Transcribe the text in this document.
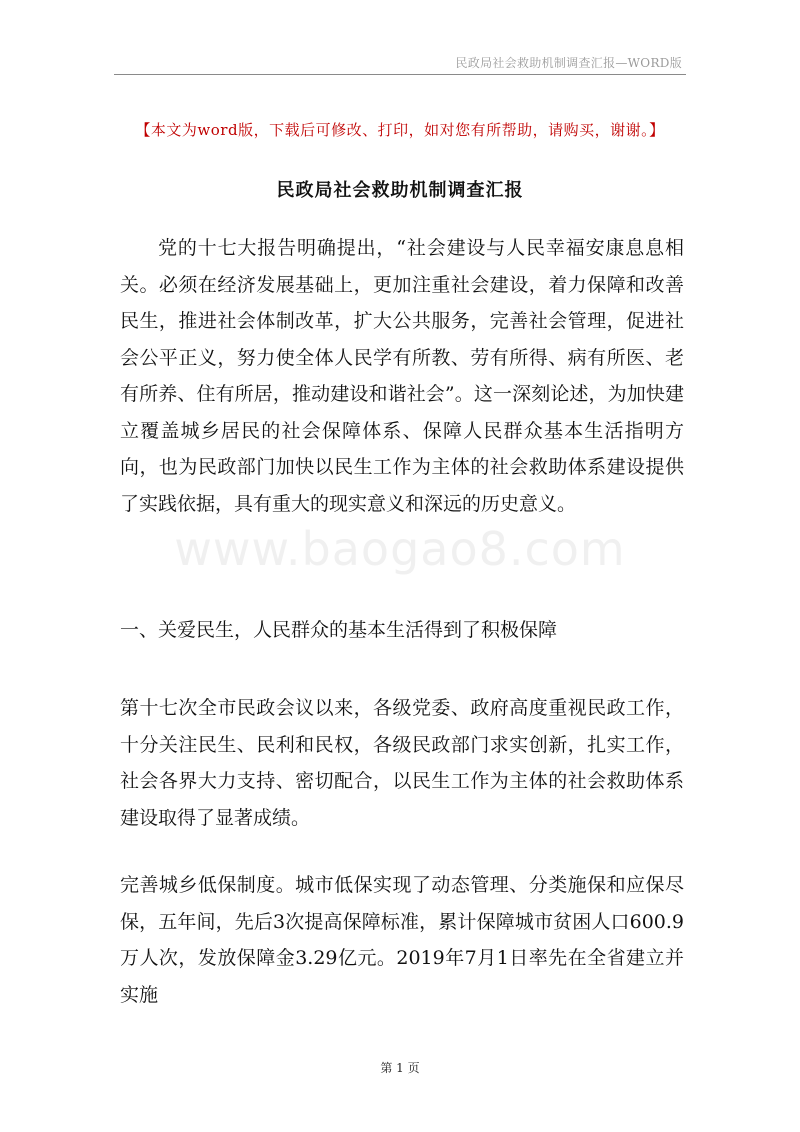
民政局社会救助机制调查汇报—WORD版
【本文为word版，下载后可修改、打印，如对您有所帮助，请购买，谢谢。】
民政局社会救助机制调查汇报

党的十七大报告明确提出，“社会建设与人民幸福安康息息相关。必须在经济发展基础上，更加注重社会建设，着力保障和改善民生，推进社会体制改革，扩大公共服务，完善社会管理，促进社会公平正义，努力使全体人民学有所教、劳有所得、病有所医、老有所养、住有所居，推动建设和谐社会”。这一深刻论述，为加快建立覆盖城乡居民的社会保障体系、保障人民群众基本生活指明方向，也为民政部门加快以民生工作为主体的社会救助体系建设提供了实践依据，具有重大的现实意义和深远的历史意义。

www.baogao8.com

一、关爱民生，人民群众的基本生活得到了积极保障

第十七次全市民政会议以来，各级党委、政府高度重视民政工作，十分关注民生、民利和民权，各级民政部门求实创新，扎实工作，社会各界大力支持、密切配合，以民生工作为主体的社会救助体系建设取得了显著成绩。

完善城乡低保制度。城市低保实现了动态管理、分类施保和应保尽保，五年间，先后3次提高保障标准，累计保障城市贫困人口600.9万人次，发放保障金3.29亿元。2019年7月1日率先在全省建立并实施

第 1 页
